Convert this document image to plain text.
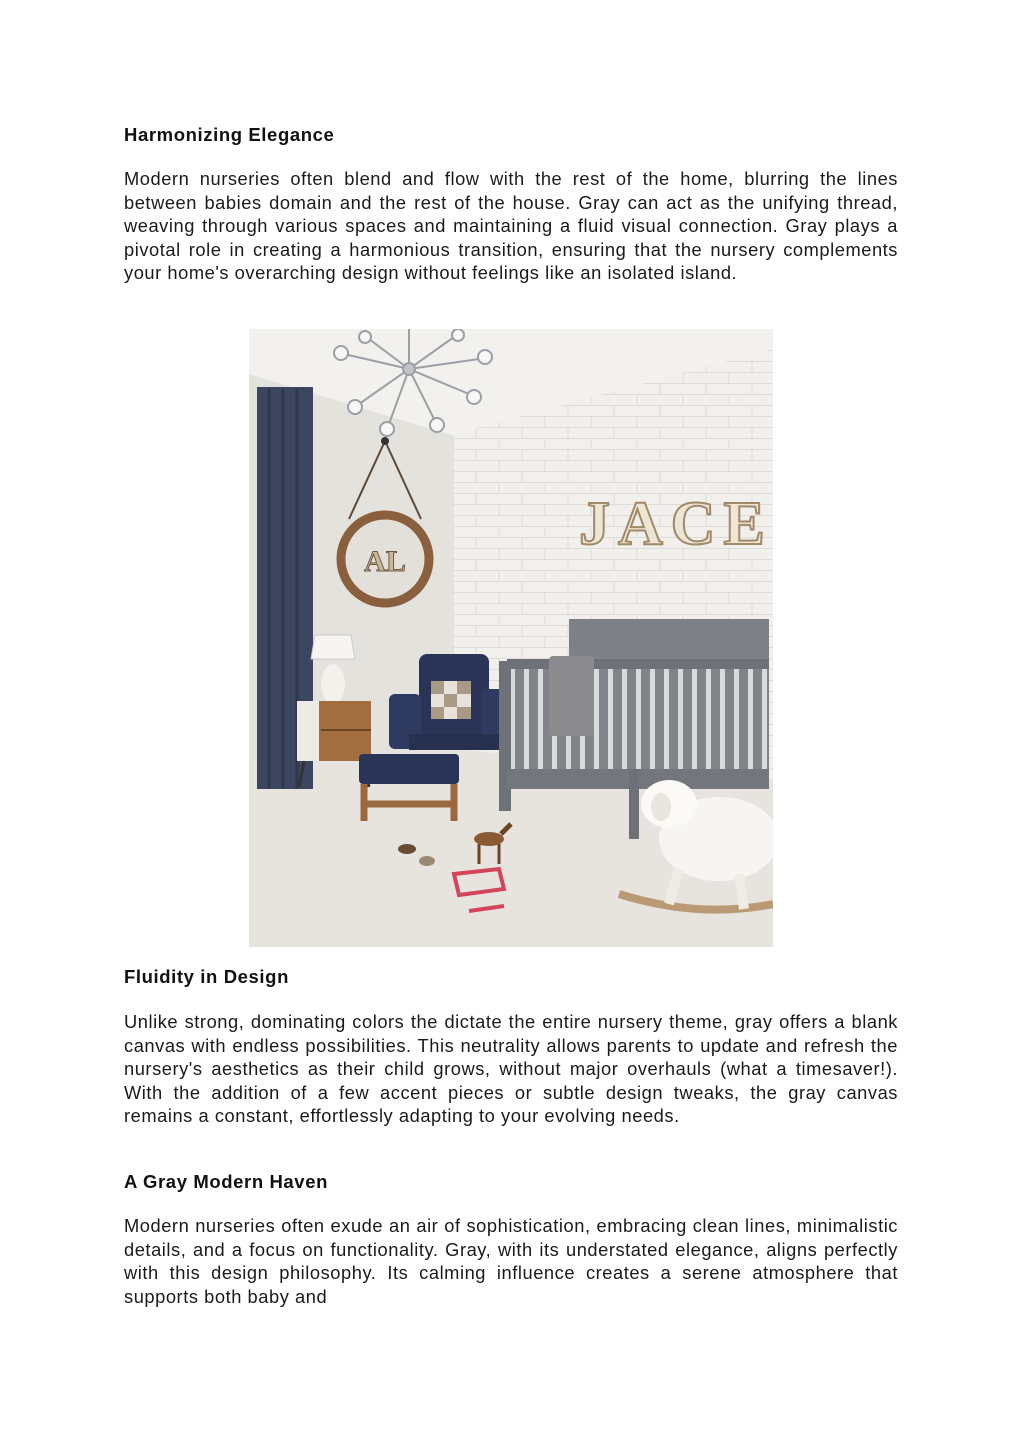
Harmonizing Elegance

Modern nurseries often blend and flow with the rest of the home, blurring the lines between babies domain and the rest of the house. Gray can act as the unifying thread, weaving through various spaces and maintaining a fluid visual connection. Gray plays a pivotal role in creating a harmonious transition, ensuring that the nursery complements your home's overarching design without feelings like an isolated island.

Fluidity in Design

Unlike strong, dominating colors the dictate the entire nursery theme, gray offers a blank canvas with endless possibilities. This neutrality allows parents to update and refresh the nursery's aesthetics as their child grows, without major overhauls (what a timesaver!). With the addition of a few accent pieces or subtle design tweaks, the gray canvas remains a constant, effortlessly adapting to your evolving needs.

A Gray Modern Haven

Modern nurseries often exude an air of sophistication, embracing clean lines, minimalistic details, and a focus on functionality. Gray, with its understated elegance, aligns perfectly with this design philosophy. Its calming influence creates a serene atmosphere that supports both baby and

AL
JACE
